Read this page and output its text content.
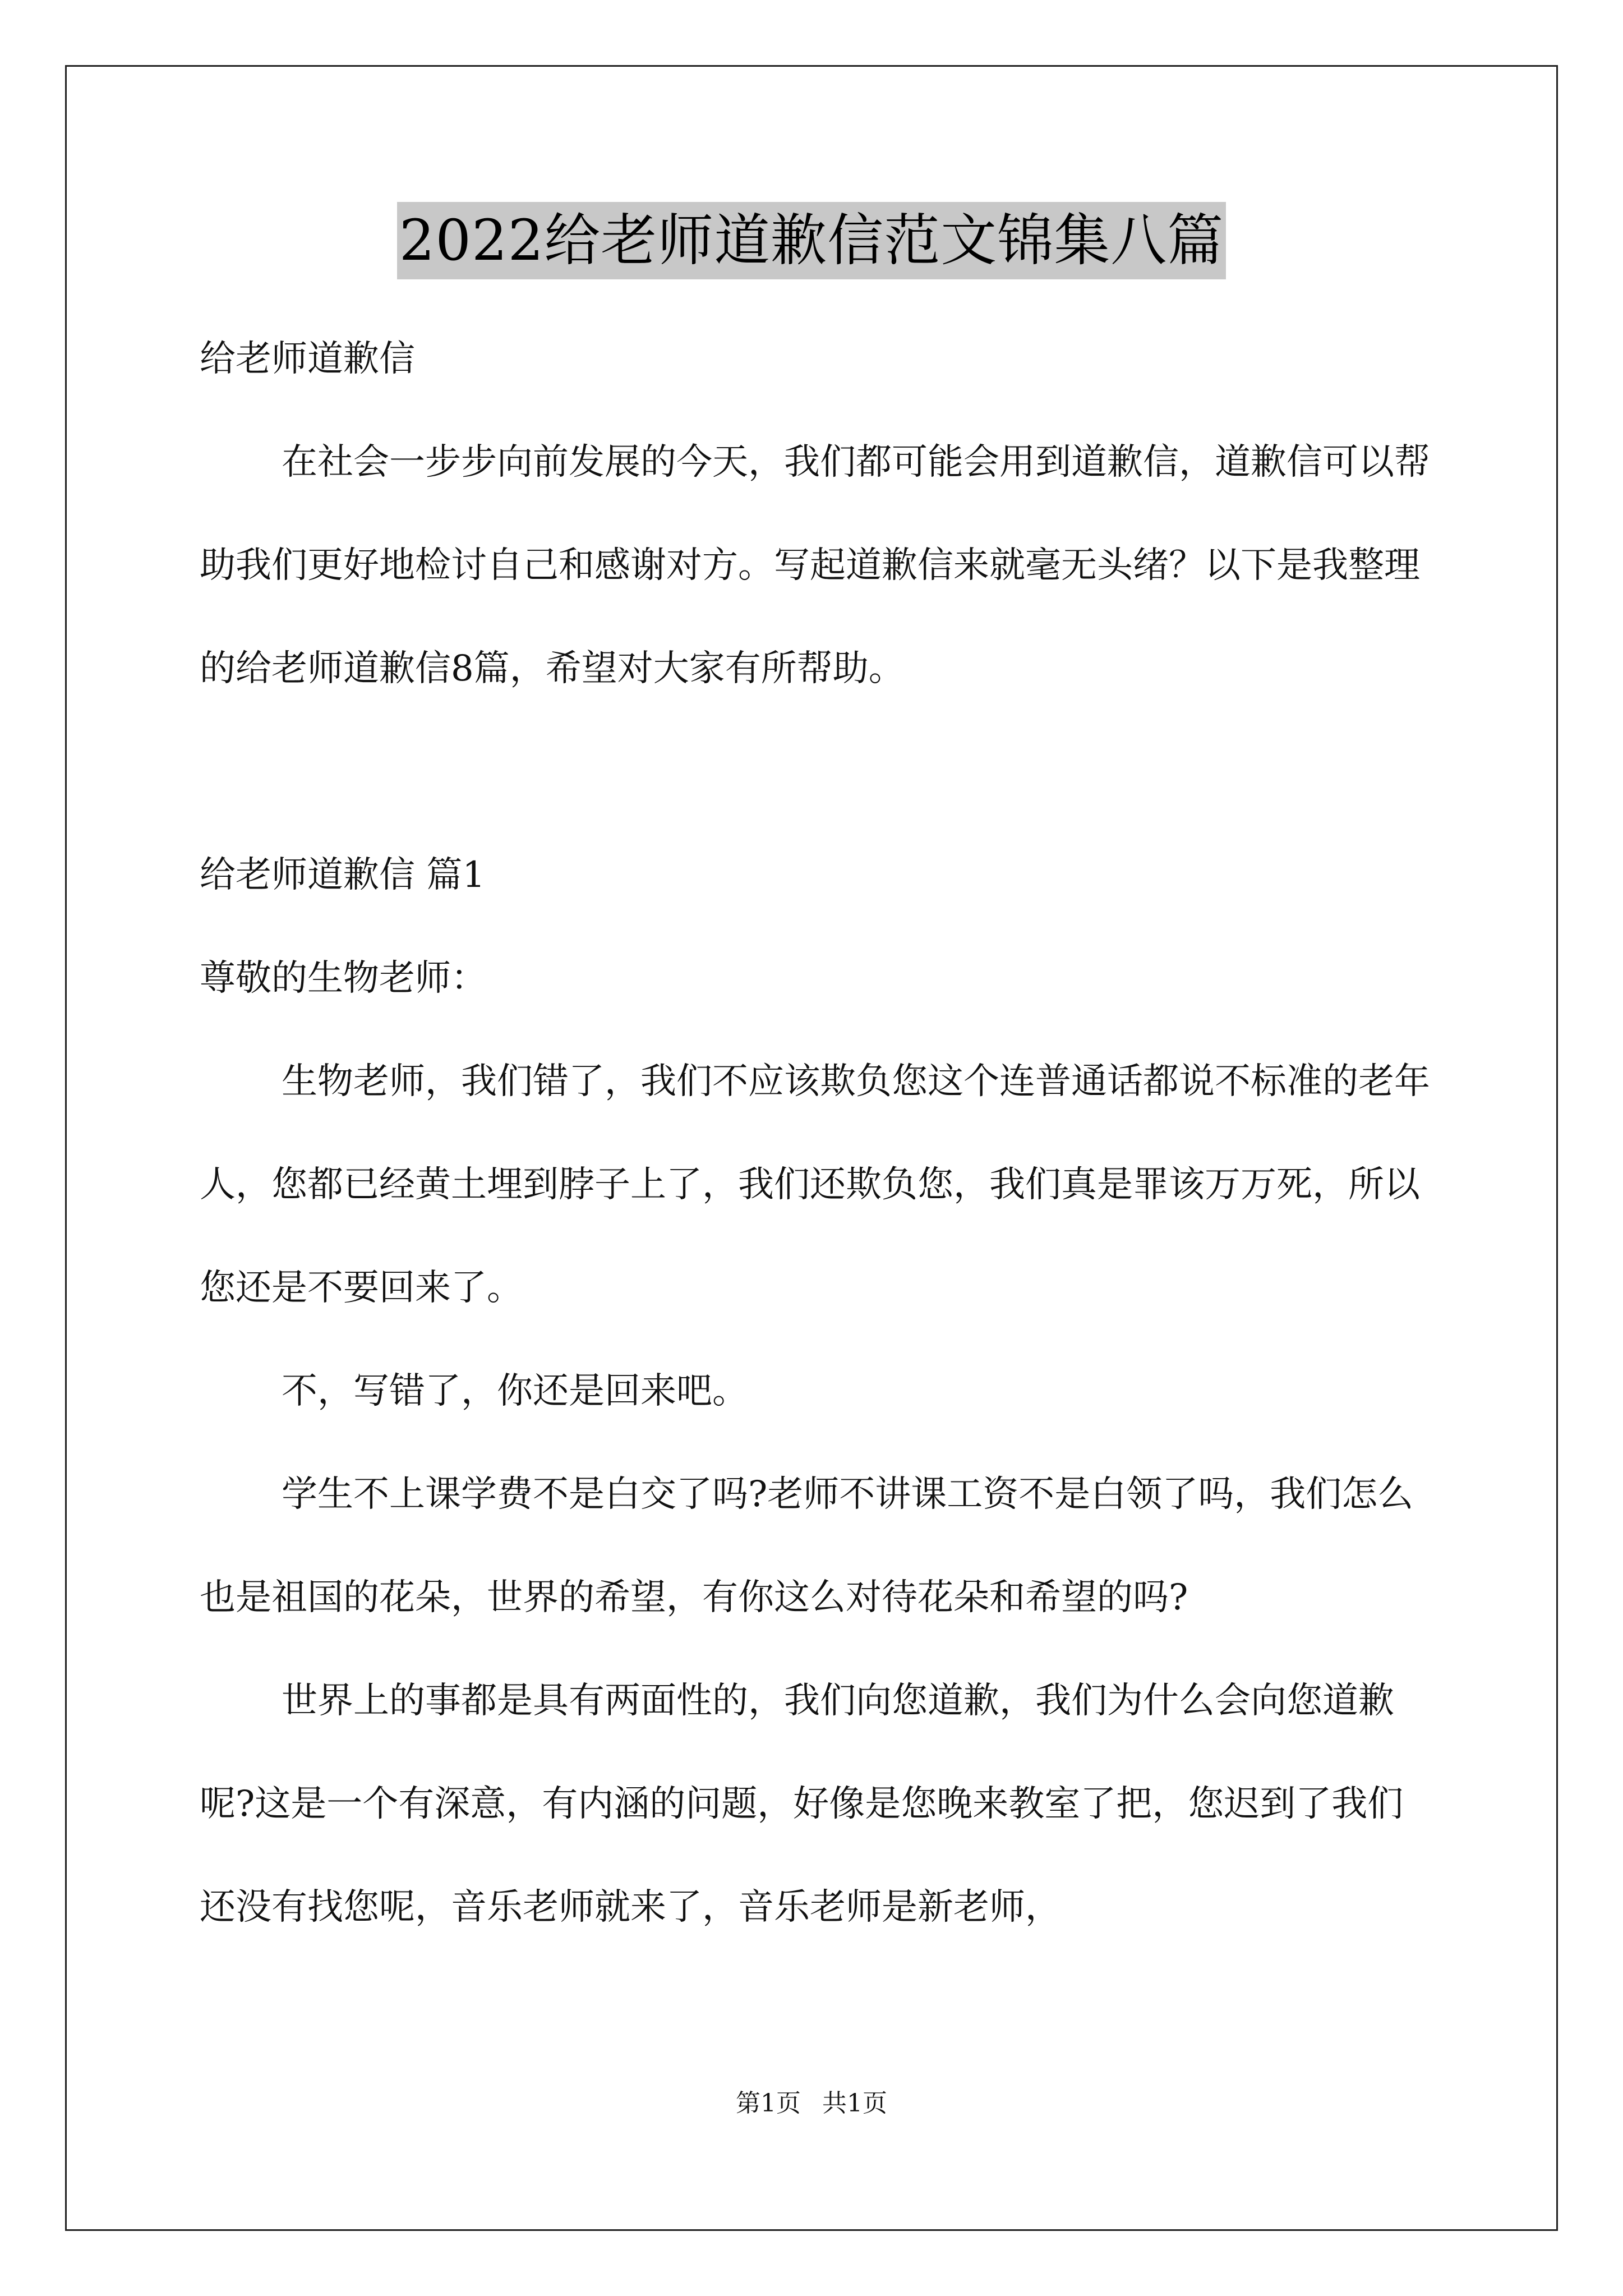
2022给老师道歉信范文锦集八篇

给老师道歉信

在社会一步步向前发展的今天，我们都可能会用到道歉信，道歉信可以帮助我们更好地检讨自己和感谢对方。写起道歉信来就毫无头绪？以下是我整理的给老师道歉信8篇，希望对大家有所帮助。

给老师道歉信 篇1

尊敬的生物老师：

生物老师，我们错了，我们不应该欺负您这个连普通话都说不标准的老年人，您都已经黄土埋到脖子上了，我们还欺负您，我们真是罪该万万死，所以您还是不要回来了。

不，写错了，你还是回来吧。

学生不上课学费不是白交了吗?老师不讲课工资不是白领了吗，我们怎么也是祖国的花朵，世界的希望，有你这么对待花朵和希望的吗?

世界上的事都是具有两面性的，我们向您道歉，我们为什么会向您道歉呢?这是一个有深意，有内涵的问题，好像是您晚来教室了把，您迟到了我们还没有找您呢，音乐老师就来了，音乐老师是新老师，

第1页 共1页
